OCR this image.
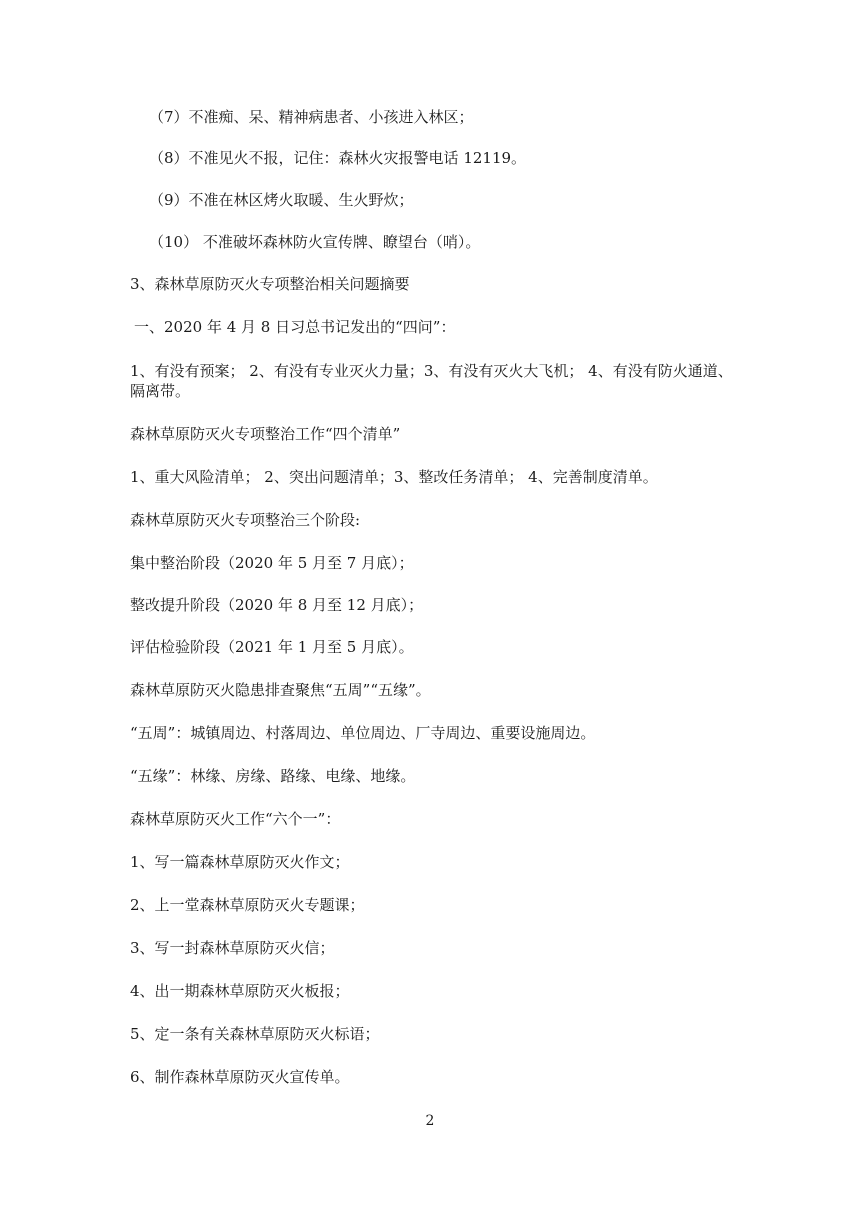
（7）不准痴、呆、精神病患者、小孩进入林区；
（8）不准见火不报，记住：森林火灾报警电话 12119。
（9）不准在林区烤火取暖、生火野炊；
（10） 不准破坏森林防火宣传牌、瞭望台（哨）。
3、森林草原防灭火专项整治相关问题摘要
一、2020 年 4 月 8 日习总书记发出的“四问”：
1、有没有预案； 2、有没有专业灭火力量；3、有没有灭火大飞机； 4、有没有防火通道、隔离带。
森林草原防灭火专项整治工作“四个清单”
1、重大风险清单； 2、突出问题清单；3、整改任务清单； 4、完善制度清单。
森林草原防灭火专项整治三个阶段:
集中整治阶段（2020 年 5 月至 7 月底）；
整改提升阶段（2020 年 8 月至 12 月底）；
评估检验阶段（2021 年 1 月至 5 月底）。
森林草原防灭火隐患排查聚焦“五周”“五缘”。
“五周”：城镇周边、村落周边、单位周边、厂寺周边、重要设施周边。
“五缘”：林缘、房缘、路缘、电缘、地缘。
森林草原防灭火工作“六个一”：
1、写一篇森林草原防灭火作文；
2、上一堂森林草原防灭火专题课；
3、写一封森林草原防灭火信；
4、出一期森林草原防灭火板报；
5、定一条有关森林草原防灭火标语；
6、制作森林草原防灭火宣传单。
2
